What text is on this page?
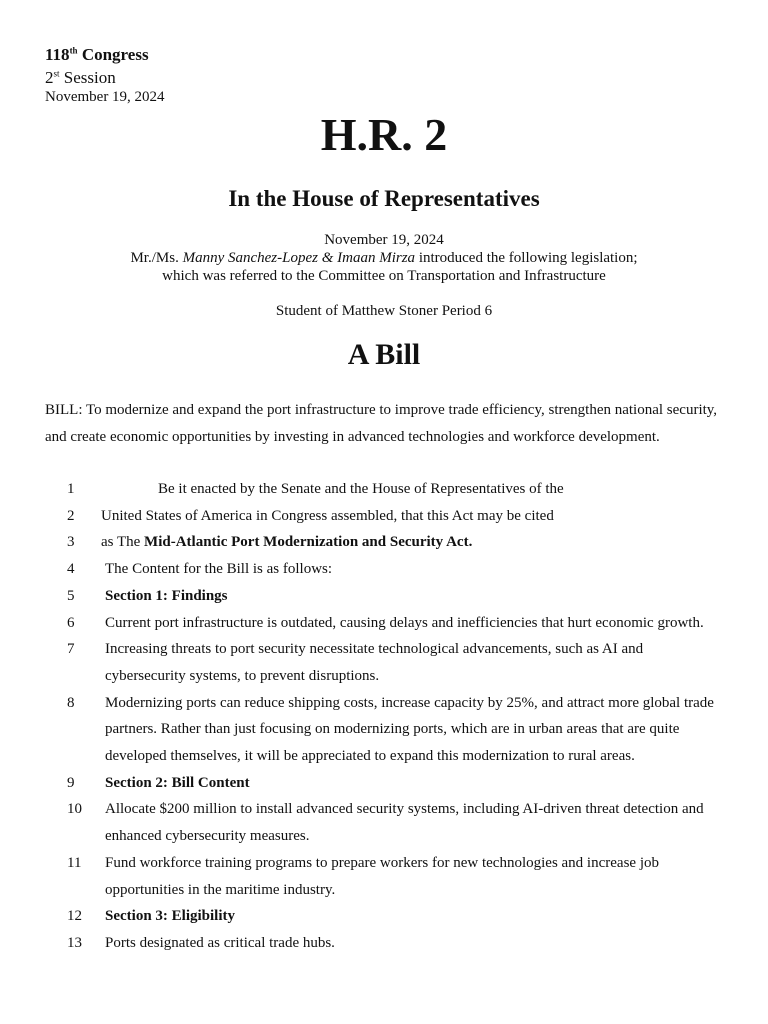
118th Congress
2st Session
November 19, 2024
H.R. 2
In the House of Representatives
November 19, 2024
Mr./Ms. Manny Sanchez-Lopez & Imaan Mirza introduced the following legislation;
which was referred to the Committee on Transportation and Infrastructure
Student of Matthew Stoner Period 6
A Bill
BILL: To modernize and expand the port infrastructure to improve trade efficiency, strengthen national security, and create economic opportunities by investing in advanced technologies and workforce development.
1	Be it enacted by the Senate and the House of Representatives of the
2 United States of America in Congress assembled, that this Act may be cited
3 as The Mid-Atlantic Port Modernization and Security Act.
4 The Content for the Bill is as follows:
5 Section 1: Findings
6 Current port infrastructure is outdated, causing delays and inefficiencies that hurt economic growth.
7 Increasing threats to port security necessitate technological advancements, such as AI and cybersecurity systems, to prevent disruptions.
8 Modernizing ports can reduce shipping costs, increase capacity by 25%, and attract more global trade partners. Rather than just focusing on modernizing ports, which are in urban areas that are quite developed themselves, it will be appreciated to expand this modernization to rural areas.
9 Section 2: Bill Content
10 Allocate $200 million to install advanced security systems, including AI-driven threat detection and enhanced cybersecurity measures.
11 Fund workforce training programs to prepare workers for new technologies and increase job opportunities in the maritime industry.
12 Section 3: Eligibility
13 Ports designated as critical trade hubs.
